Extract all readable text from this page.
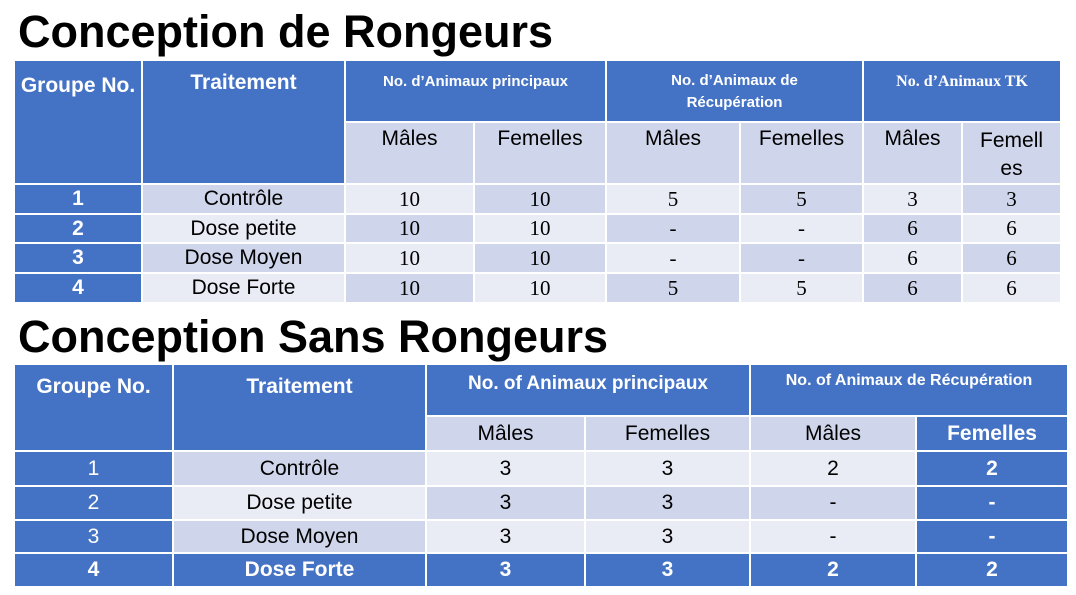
Conception de Rongeurs
Groupe No.	Traitement	No. d’Animaux principaux		No. d’Animaux de Récupération		No. d’Animaux TK	
		Mâles	Femelles	Mâles	Femelles	Mâles	Femelles
1	Contrôle	10	10	5	5	3	3
2	Dose petite	10	10	-	-	6	6
3	Dose Moyen	10	10	-	-	6	6
4	Dose Forte	10	10	5	5	6	6
Conception Sans Rongeurs
Groupe No.	Traitement	No. of Animaux principaux		No. of Animaux de Récupération	
		Mâles	Femelles	Mâles	Femelles
1	Contrôle	3	3	2	2
2	Dose petite	3	3	-	-
3	Dose Moyen	3	3	-	-
4	Dose Forte	3	3	2	2
